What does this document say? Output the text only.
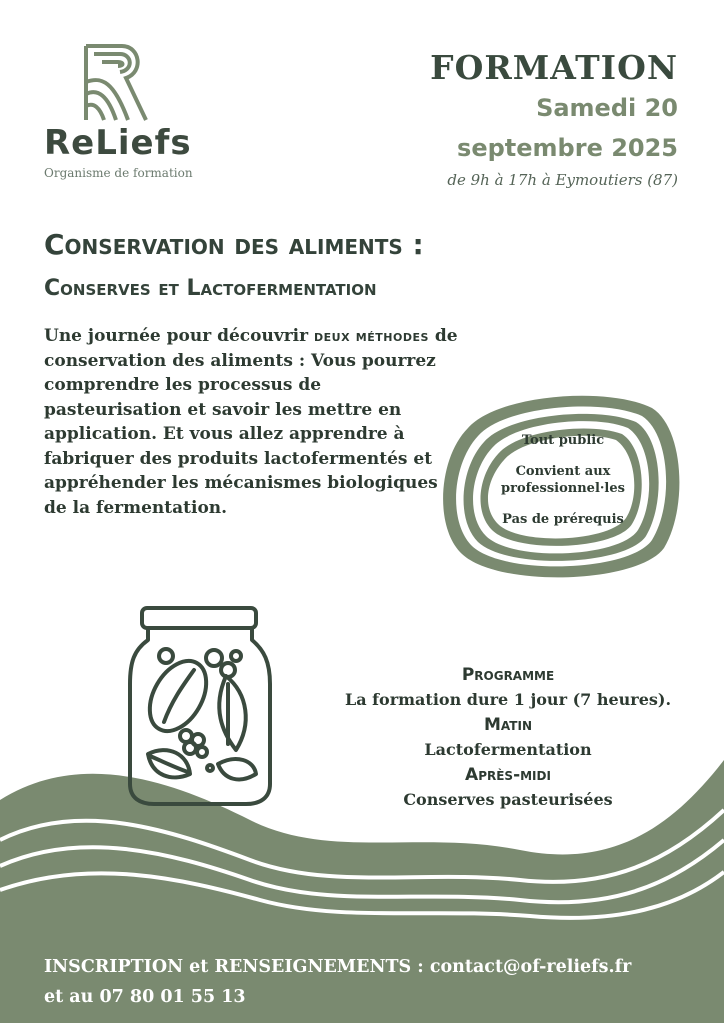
ReLiefs
Organisme de formation
FORMATION
Samedi 20
septembre 2025
de 9h à 17h à Eymoutiers (87)
Conservation des aliments :
Conserves et Lactofermentation
Une journée pour découvrir deux méthodes de conservation des aliments : Vous pourrez comprendre les processus de pasteurisation et savoir les mettre en application. Et vous allez apprendre à fabriquer des produits lactofermentés et appréhender les mécanismes biologiques de la fermentation.
Tout public
Convient aux professionnel·les
Pas de prérequis
Programme
La formation dure 1 jour (7 heures).
Matin
Lactofermentation
Après-midi
Conserves pasteurisées
INSCRIPTION et RENSEIGNEMENTS : contact@of-reliefs.fr
et au 07 80 01 55 13
